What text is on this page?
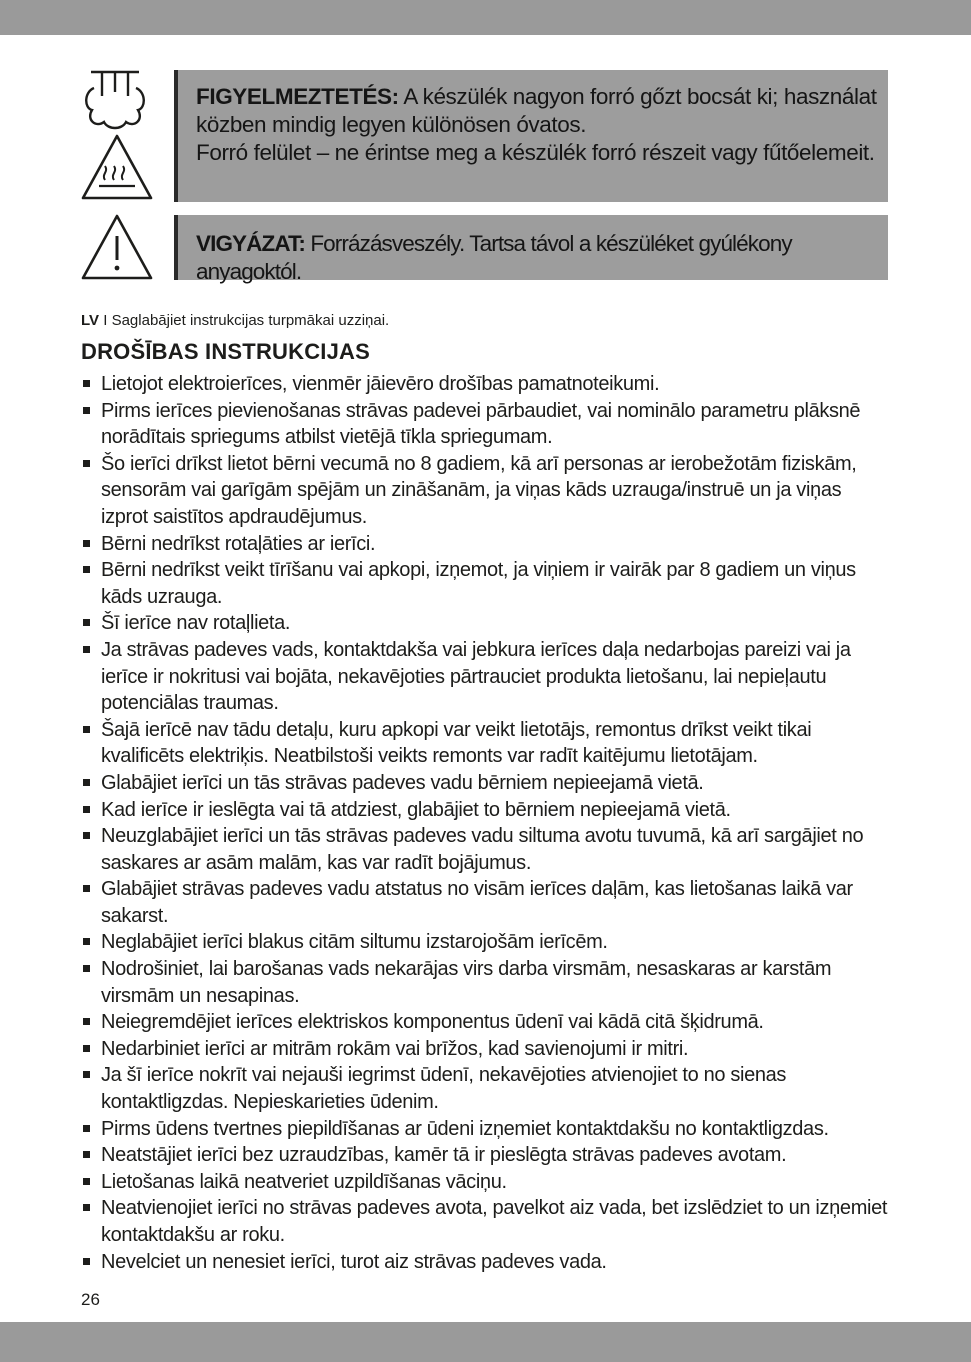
FIGYELMEZTETÉS: A készülék nagyon forró gőzt bocsát ki; használat közben mindig legyen különösen óvatos.

Forró felület – ne érintse meg a készülék forró részeit vagy fűtőelemeit.

VIGYÁZAT: Forrázásveszély. Tartsa távol a készüléket gyúlékony anyagoktól.

LV I Saglabājiet instrukcijas turpmākai uzziņai.
DROŠĪBAS INSTRUKCIJAS
Lietojot elektroierīces, vienmēr jāievēro drošības pamatnoteikumi.
Pirms ierīces pievienošanas strāvas padevei pārbaudiet, vai nominālo parametru plāksnē norādītais spriegums atbilst vietējā tīkla spriegumam.
Šo ierīci drīkst lietot bērni vecumā no 8 gadiem, kā arī personas ar ierobežotām fiziskām, sensorām vai garīgām spējām un zināšanām, ja viņas kāds uzrauga/instruē un ja viņas izprot saistītos apdraudējumus.
Bērni nedrīkst rotaļāties ar ierīci.
Bērni nedrīkst veikt tīrīšanu vai apkopi, izņemot, ja viņiem ir vairāk par 8 gadiem un viņus kāds uzrauga.
Šī ierīce nav rotaļlieta.
Ja strāvas padeves vads, kontaktdakša vai jebkura ierīces daļa nedarbojas pareizi vai ja ierīce ir nokritusi vai bojāta, nekavējoties pārtrauciet produkta lietošanu, lai nepieļautu potenciālas traumas.
Šajā ierīcē nav tādu detaļu, kuru apkopi var veikt lietotājs, remontus drīkst veikt tikai kvalificēts elektriķis. Neatbilstoši veikts remonts var radīt kaitējumu lietotājam.
Glabājiet ierīci un tās strāvas padeves vadu bērniem nepieejamā vietā.
Kad ierīce ir ieslēgta vai tā atdziest, glabājiet to bērniem nepieejamā vietā.
Neuzglabājiet ierīci un tās strāvas padeves vadu siltuma avotu tuvumā, kā arī sargājiet no saskares ar asām malām, kas var radīt bojājumus.
Glabājiet strāvas padeves vadu atstatus no visām ierīces daļām, kas lietošanas laikā var sakarst.
Neglabājiet ierīci blakus citām siltumu izstarojošām ierīcēm.
Nodrošiniet, lai barošanas vads nekarājas virs darba virsmām, nesaskaras ar karstām virsmām un nesapinas.
Neiegremdējiet ierīces elektriskos komponentus ūdenī vai kādā citā šķidrumā.
Nedarbiniet ierīci ar mitrām rokām vai brīžos, kad savienojumi ir mitri.
Ja šī ierīce nokrīt vai nejauši iegrimst ūdenī, nekavējoties atvienojiet to no sienas kontaktligzdas. Nepieskarieties ūdenim.
Pirms ūdens tvertnes piepildīšanas ar ūdeni izņemiet kontaktdakšu no kontaktligzdas.
Neatstājiet ierīci bez uzraudzības, kamēr tā ir pieslēgta strāvas padeves avotam.
Lietošanas laikā neatveriet uzpildīšanas vāciņu.
Neatvienojiet ierīci no strāvas padeves avota, pavelkot aiz vada, bet izslēdziet to un izņemiet kontaktdakšu ar roku.
Nevelciet un nenesiet ierīci, turot aiz strāvas padeves vada.
26
